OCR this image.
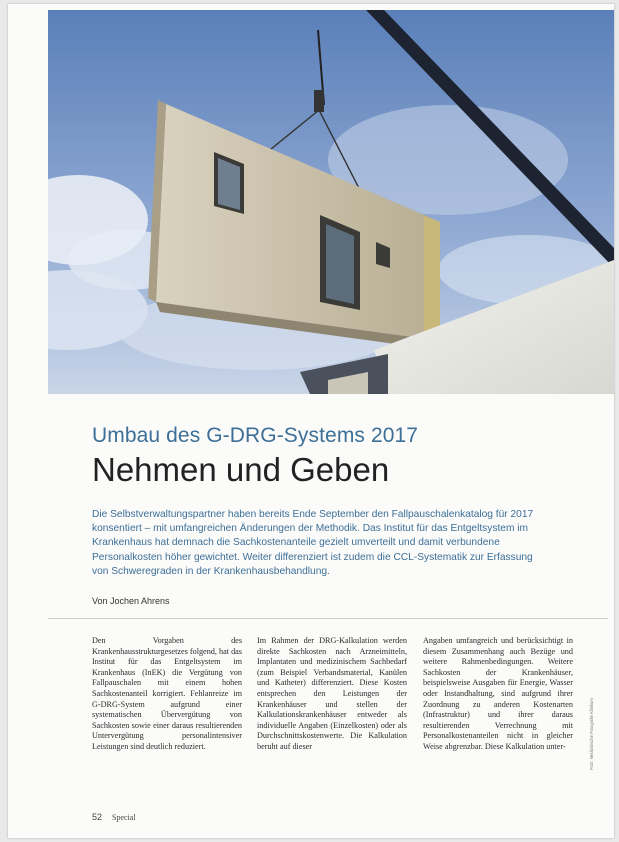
Umbau des G-DRG-Systems 2017
Nehmen und Geben
Die Selbstverwaltungspartner haben bereits Ende September den Fallpauschalenkatalog für 2017 konsentiert – mit umfangreichen Änderungen der Methodik. Das Institut für das Entgeltsystem im Krankenhaus hat demnach die Sachkostenanteile gezielt umverteilt und damit verbundene Personalkosten höher gewichtet. Weiter differenziert ist zudem die CCL-Systematik zur Erfassung von Schweregraden in der Krankenhausbehandlung.
Von Jochen Ahrens
Den Vorgaben des Krankenhausstrukturgesetzes folgend, hat das Institut für das Entgeltsystem im Krankenhaus (InEK) die Vergütung von Fallpauschalen mit einem hohen Sachkostenanteil korrigiert. Fehlanreize im G-DRG-System aufgrund einer systematischen Übervergütung von Sachkosten sowie einer daraus resultierenden Untervergütung personalintensiver Leistungen sind deutlich reduziert.
Im Rahmen der DRG-Kalkulation werden direkte Sachkosten nach Arzneimitteln, Implantaten und medizinischem Sachbedarf (zum Beispiel Verbandsmaterial, Kanülen und Katheter) differenziert. Diese Kosten entsprechen den Leistungen der Krankenhäuser und stellen der Kalkulationskrankenhäuser entweder als individuelle Angaben (Einzelkosten) oder als Durchschnittskostenwerte. Die Kalkulation beruht auf dieser
Angaben umfangreich und berücksichtigt in diesem Zusammenhang auch Bezüge und weitere Rahmenbedingungen. Weitere Sachkosten der Krankenhäuser, beispielsweise Ausgaben für Energie, Wasser oder Instandhaltung, sind aufgrund ihrer Zuordnung zu anderen Kostenarten (Infrastruktur) und ihrer daraus resultierenden Verrechnung mit Personalkostenanteilen nicht in gleicher Weise abgrenzbar. Diese Kalkulation unter-	Foto: Medizinische Fotografie Klinikum
52 Special
